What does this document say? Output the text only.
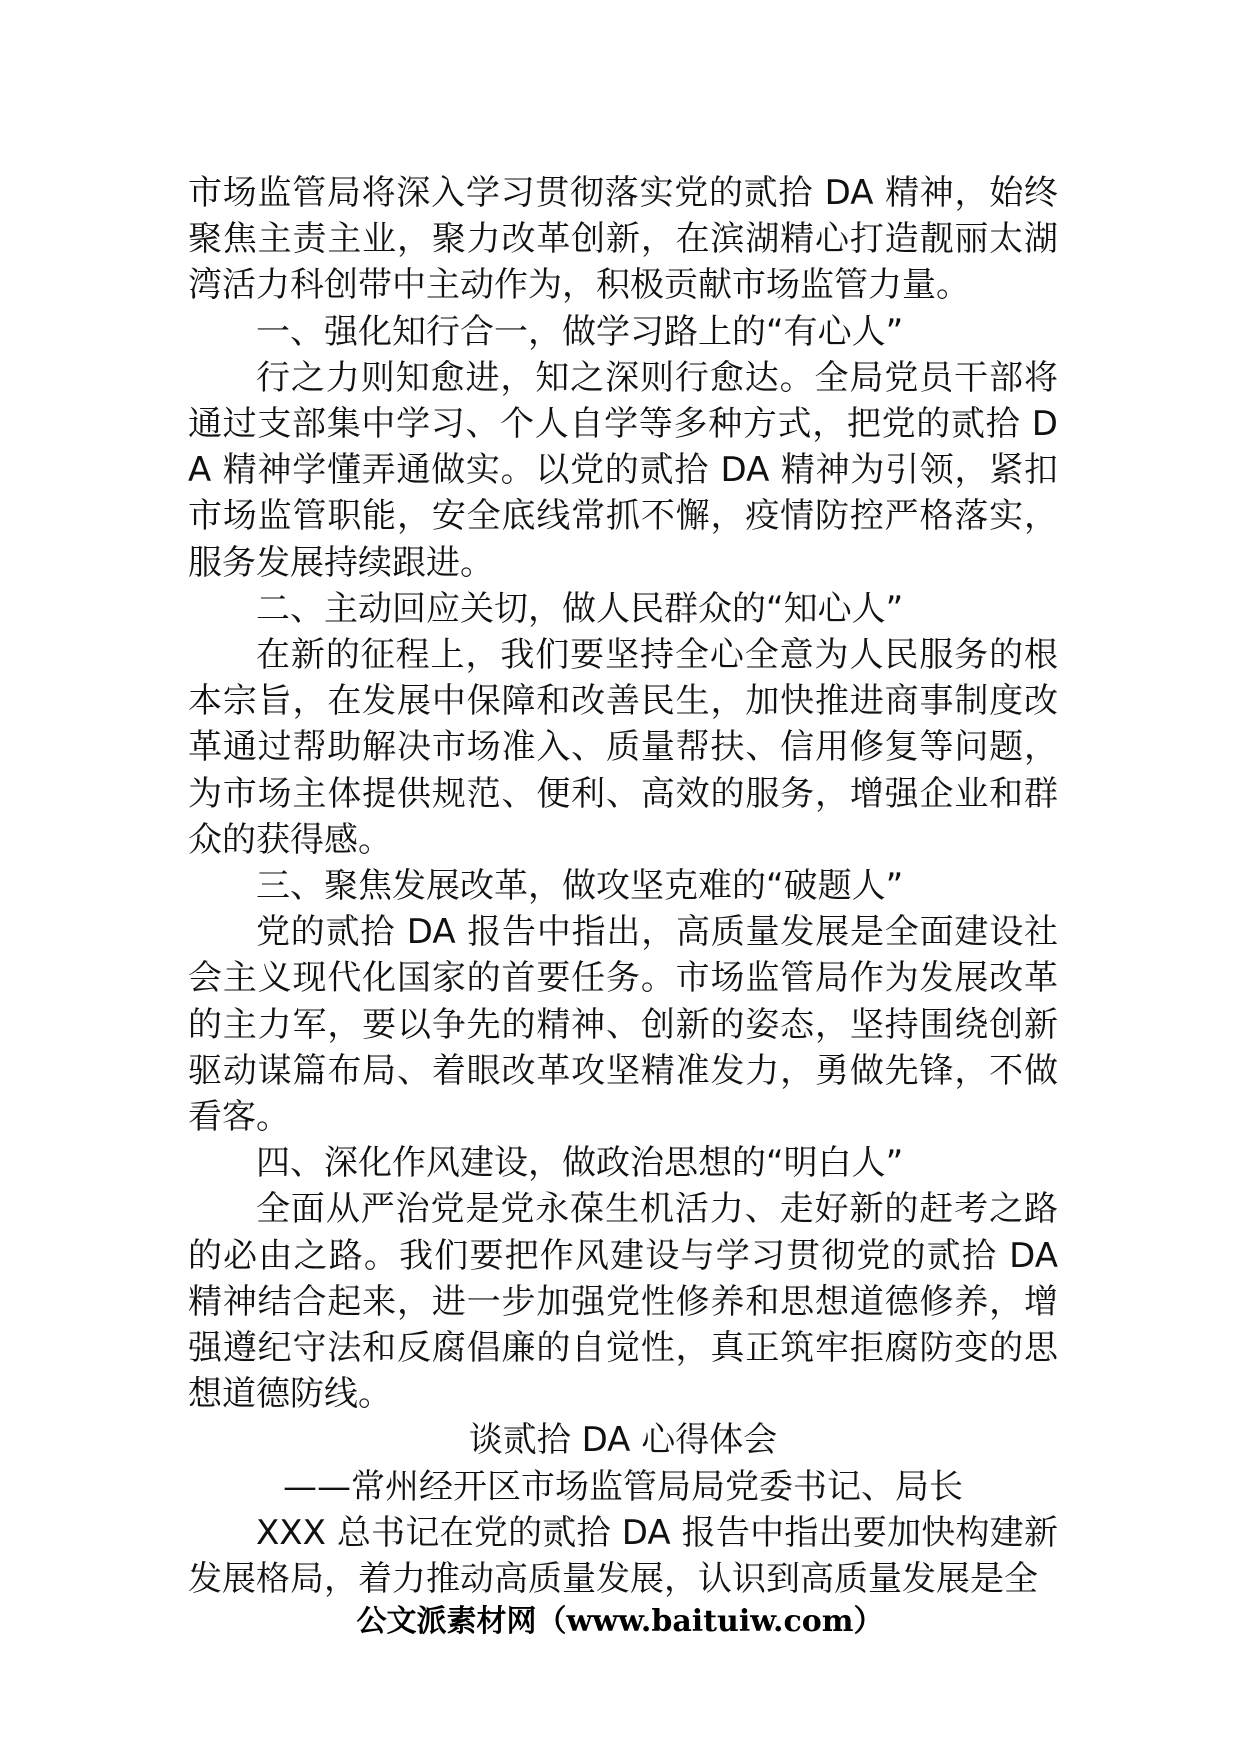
市场监管局将深入学习贯彻落实党的贰拾 DA 精神，始终聚焦主责主业，聚力改革创新，在滨湖精心打造靓丽太湖湾活力科创带中主动作为，积极贡献市场监管力量。

一、强化知行合一，做学习路上的“有心人”

行之力则知愈进，知之深则行愈达。全局党员干部将通过支部集中学习、个人自学等多种方式，把党的贰拾 DA 精神学懂弄通做实。以党的贰拾 DA 精神为引领，紧扣市场监管职能，安全底线常抓不懈，疫情防控严格落实，服务发展持续跟进。

二、主动回应关切，做人民群众的“知心人”

在新的征程上，我们要坚持全心全意为人民服务的根本宗旨，在发展中保障和改善民生，加快推进商事制度改革通过帮助解决市场准入、质量帮扶、信用修复等问题，为市场主体提供规范、便利、高效的服务，增强企业和群众的获得感。

三、聚焦发展改革，做攻坚克难的“破题人”

党的贰拾 DA 报告中指出，高质量发展是全面建设社会主义现代化国家的首要任务。市场监管局作为发展改革的主力军，要以争先的精神、创新的姿态，坚持围绕创新驱动谋篇布局、着眼改革攻坚精准发力，勇做先锋，不做看客。

四、深化作风建设，做政治思想的“明白人”

全面从严治党是党永葆生机活力、走好新的赶考之路的必由之路。我们要把作风建设与学习贯彻党的贰拾 DA 精神结合起来，进一步加强党性修养和思想道德修养，增强遵纪守法和反腐倡廉的自觉性，真正筑牢拒腐防变的思想道德防线。

谈贰拾 DA 心得体会

——常州经开区市场监管局局党委书记、局长

XXX 总书记在党的贰拾 DA 报告中指出要加快构建新发展格局，着力推动高质量发展，认识到高质量发展是全

公文派素材网（www.baituiw.com）
